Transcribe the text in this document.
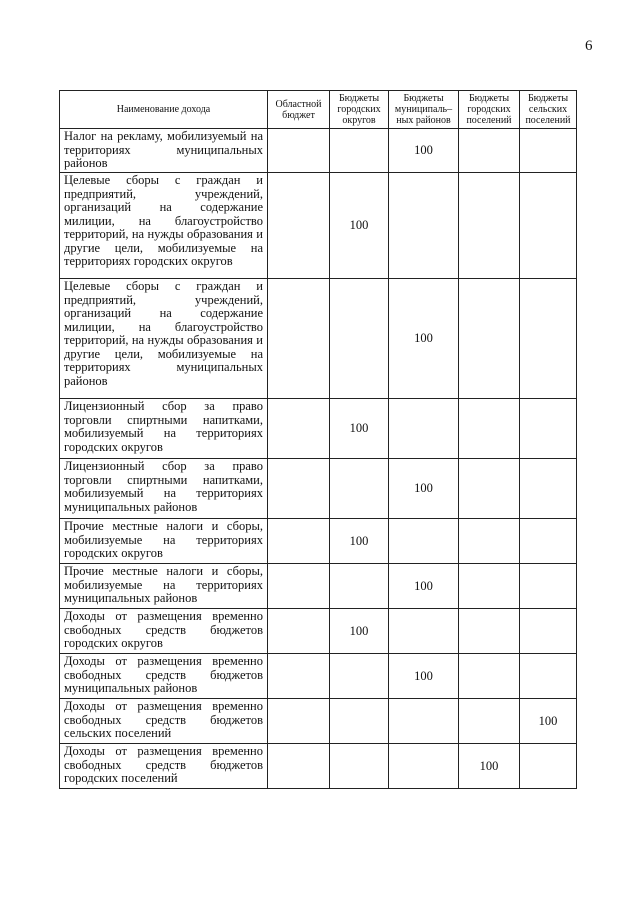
6
Наименование дохода	Областной бюджет	Бюджеты городских округов	Бюджеты муниципаль– ных районов	Бюджеты городских поселений	Бюджеты сельских поселений
Налог на рекламу, мобилизуемый на территориях муниципальных районов			100		
Целевые сборы с граждан и предприятий, учреждений, организаций на содержание милиции, на благоустройство территорий, на нужды образования и другие цели, мобилизуемые на территориях городских округов		100			
Целевые сборы с граждан и предприятий, учреждений, организаций на содержание милиции, на благоустройство территорий, на нужды образования и другие цели, мобилизуемые на территориях муниципальных районов			100		
Лицензионный сбор за право торговли спиртными напитками, мобилизуемый на территориях городских округов		100			
Лицензионный сбор за право торговли спиртными напитками, мобилизуемый на территориях муниципальных районов			100		
Прочие местные налоги и сборы, мобилизуемые на территориях городских округов		100			
Прочие местные налоги и сборы, мобилизуемые на территориях муниципальных районов			100		
Доходы от размещения временно свободных средств бюджетов городских округов		100			
Доходы от размещения временно свободных средств бюджетов муниципальных районов			100		
Доходы от размещения временно свободных средств бюджетов сельских поселений					100
Доходы от размещения временно свободных средств бюджетов городских поселений				100	
